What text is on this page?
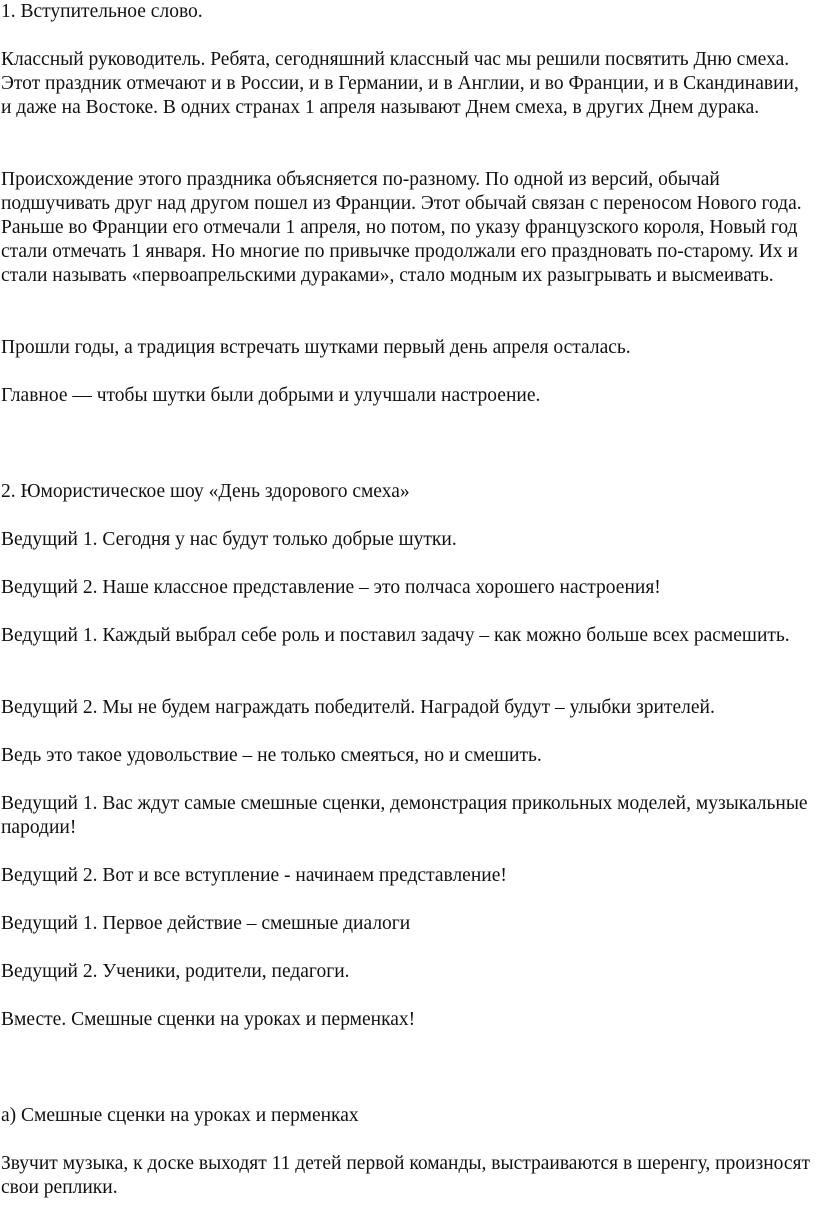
1. Вступительное слово.

Классный руководитель. Ребята, сегодняшний классный час мы решили посвятить Дню смеха. Этот праздник отмечают и в России, и в Германии, и в Англии, и во Франции, и в Скандинавии, и даже на Востоке. В одних странах 1 апреля называют Днем смеха, в других Днем дурака.

Происхождение этого праздника объясняется по-разному. По одной из версий, обычай подшучивать друг над другом пошел из Франции. Этот обычай связан с переносом Нового года. Раньше во Франции его отмечали 1 апреля, но потом, по указу французского короля, Новый год стали отмечать 1 января. Но многие по привычке продолжали его праздновать по-старому. Их и стали называть «первоапрельскими дураками», стало модным их разыгрывать и высмеивать.

Прошли годы, а традиция встречать шутками первый день апреля осталась.

Главное — чтобы шутки были добрыми и улучшали настроение.

2. Юмористическое шоу «День здорового смеха»

Ведущий 1. Сегодня у нас будут только добрые шутки.

Ведущий 2. Наше классное представление – это полчаса хорошего настроения!

Ведущий 1. Каждый выбрал себе роль и поставил задачу – как можно больше всех расмешить.

Ведущий 2. Мы не будем награждать победителй. Наградой будут – улыбки зрителей.

Ведь это такое удовольствие – не только смеяться, но и смешить.

Ведущий 1. Вас ждут самые смешные сценки, демонстрация прикольных моделей, музыкальные пародии!

Ведущий 2. Вот и все вступление - начинаем представление!

Ведущий 1. Первое действие – смешные диалоги

Ведущий 2. Ученики, родители, педагоги.

Вместе. Смешные сценки на уроках и перменках!

а) Смешные сценки на уроках и перменках

Звучит музыка, к доске выходят 11 детей первой команды, выстраиваются в шеренгу, произносят свои реплики.
